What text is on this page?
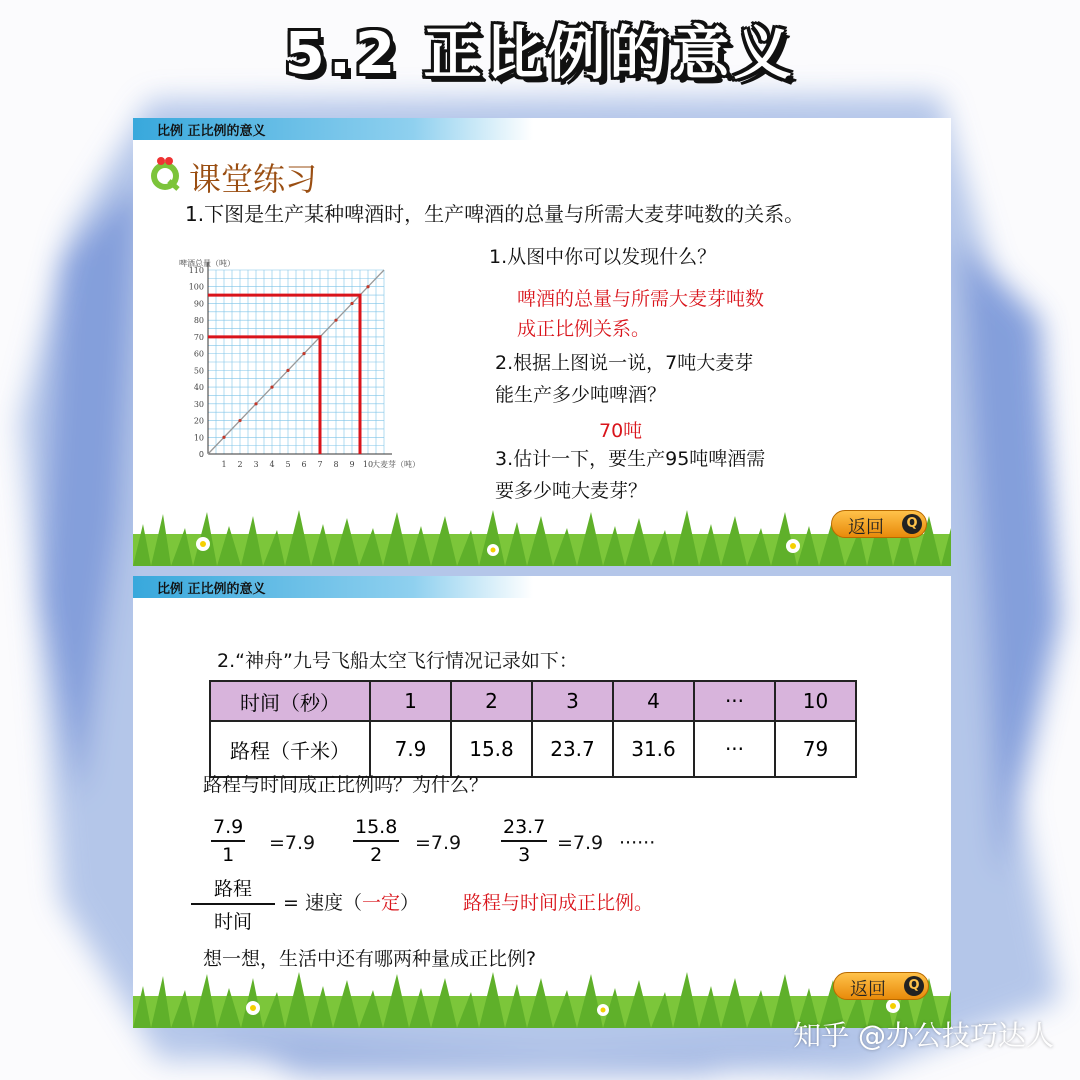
5.2 正比例的意义
比例 正比例的意义
课堂练习
1.下图是生产某种啤酒时，生产啤酒的总量与所需大麦芽吨数的关系。
1 2 3 4 5 6 7 8 9 10
10
20
30
40
50
60
70
80
90
100
110
0
啤酒总量（吨）
大麦芽（吨）
1.从图中你可以发现什么？
啤酒的总量与所需大麦芽吨数
成正比例关系。
2.根据上图说一说，7吨大麦芽
能生产多少吨啤酒？
70吨
3.估计一下，要生产95吨啤酒需
要多少吨大麦芽？
返回	Q
比例 正比例的意义
2.“神舟”九号飞船太空飞行情况记录如下：
时间（秒）	1	2	3	4	···	10
路程（千米）	7.9	15.8	23.7	31.6	···	79
路程与时间成正比例吗？为什么？
$\frac{7.9}{1} =7.9 \frac{15.8}{2} =7.9 \frac{23.7}{3} =7.9$ ······
路程
时间
= 速度（一定） 路程与时间成正比例。
想一想，生活中还有哪两种量成正比例?
返回	Q
知乎 @办公技巧达人
